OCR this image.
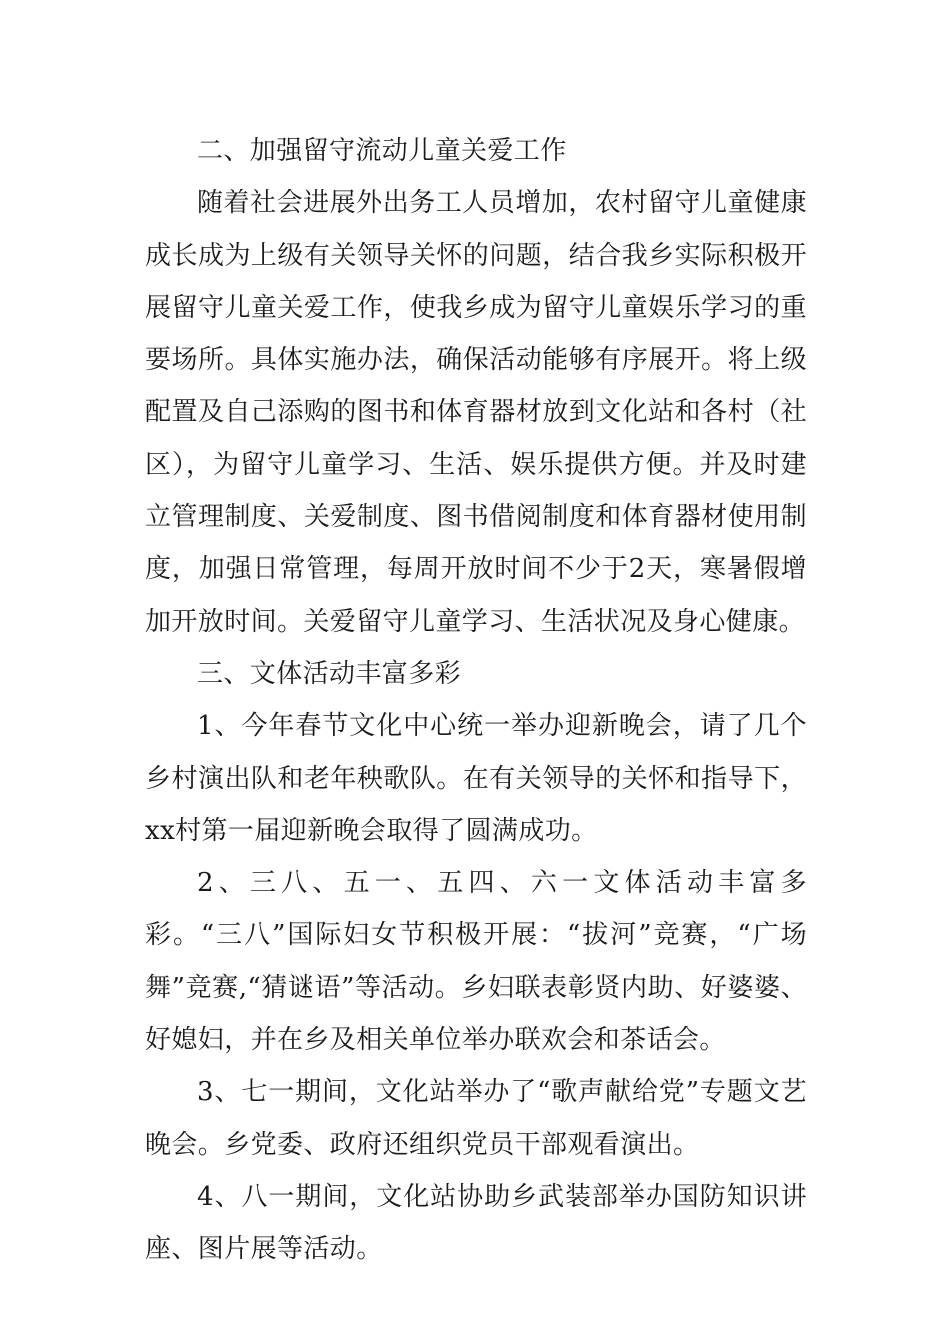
二、加强留守流动儿童关爱工作

随着社会进展外出务工人员增加，农村留守儿童健康成长成为上级有关领导关怀的问题，结合我乡实际积极开展留守儿童关爱工作，使我乡成为留守儿童娱乐学习的重要场所。具体实施办法，确保活动能够有序展开。将上级配置及自己添购的图书和体育器材放到文化站和各村（社区），为留守儿童学习、生活、娱乐提供方便。并及时建立管理制度、关爱制度、图书借阅制度和体育器材使用制度，加强日常管理，每周开放时间不少于2天，寒暑假增加开放时间。关爱留守儿童学习、生活状况及身心健康。

三、文体活动丰富多彩

1、今年春节文化中心统一举办迎新晚会，请了几个乡村演出队和老年秧歌队。在有关领导的关怀和指导下，xx村第一届迎新晚会取得了圆满成功。

2、三八、五一、五四、六一文体活动丰富多彩。“三八”国际妇女节积极开展：“拔河”竞赛，“广场舞”竞赛,“猜谜语”等活动。乡妇联表彰贤内助、好婆婆、好媳妇，并在乡及相关单位举办联欢会和茶话会。

3、七一期间，文化站举办了“歌声献给党”专题文艺晚会。乡党委、政府还组织党员干部观看演出。

4、八一期间，文化站协助乡武装部举办国防知识讲座、图片展等活动。
